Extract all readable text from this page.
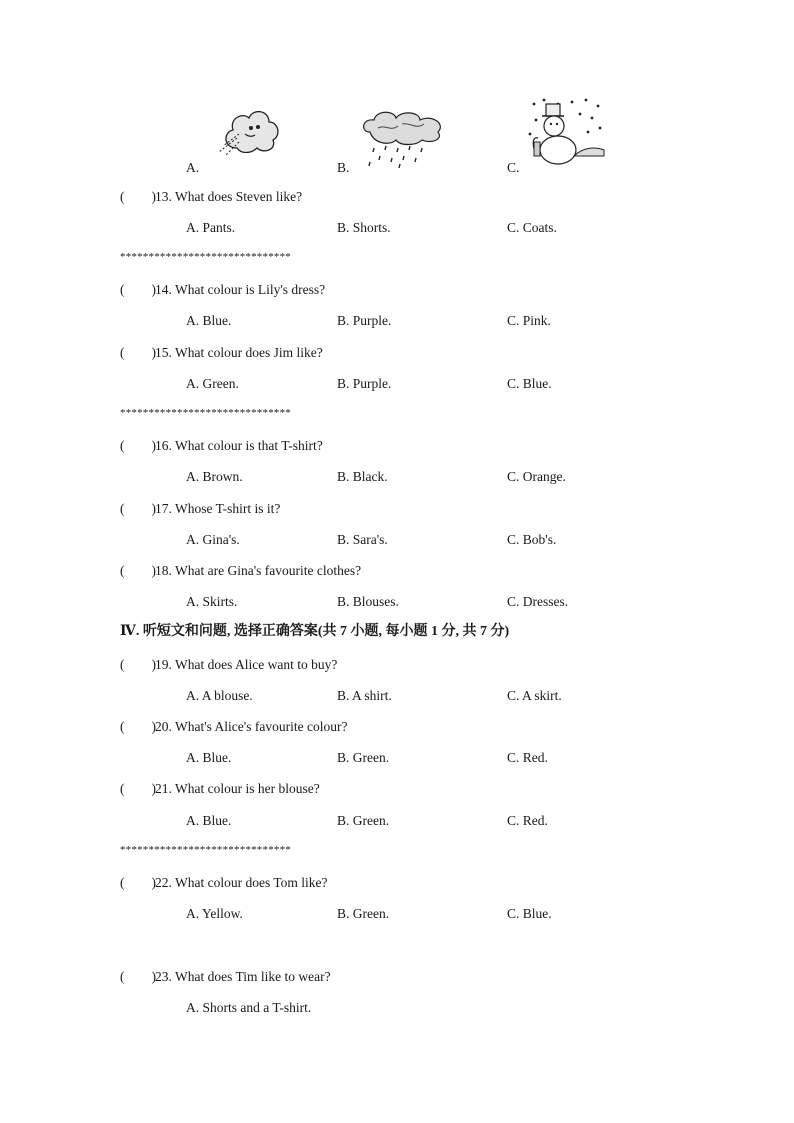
A.	B.	C.
(        ) 13. What does Steven like?
A. Pants.	B. Shorts.	C. Coats.
******************************
(        ) 14. What colour is Lily's dress?
A. Blue.	B. Purple.	C. Pink.
(        ) 15. What colour does Jim like?
A. Green.	B. Purple.	C. Blue.
******************************
(        ) 16. What colour is that T-shirt?
A. Brown.	B. Black.	C. Orange.
(        ) 17. Whose T-shirt is it?
A. Gina's.	B. Sara's.	C. Bob's.
(        ) 18. What are Gina's favourite clothes?
A. Skirts.	B. Blouses.	C. Dresses.
Ⅳ. 听短文和问题, 选择正确答案(共 7 小题, 每小题 1 分, 共 7 分)
(        ) 19. What does Alice want to buy?
A. A blouse.	B. A shirt.	C. A skirt.
(        ) 20. What's Alice's favourite colour?
A. Blue.	B. Green.	C. Red.
(        ) 21. What colour is her blouse?
A. Blue.	B. Green.	C. Red.
******************************
(        ) 22. What colour does Tom like?
A. Yellow.	B. Green.	C. Blue.
(        ) 23. What does Tim like to wear?
A. Shorts and a T-shirt.
